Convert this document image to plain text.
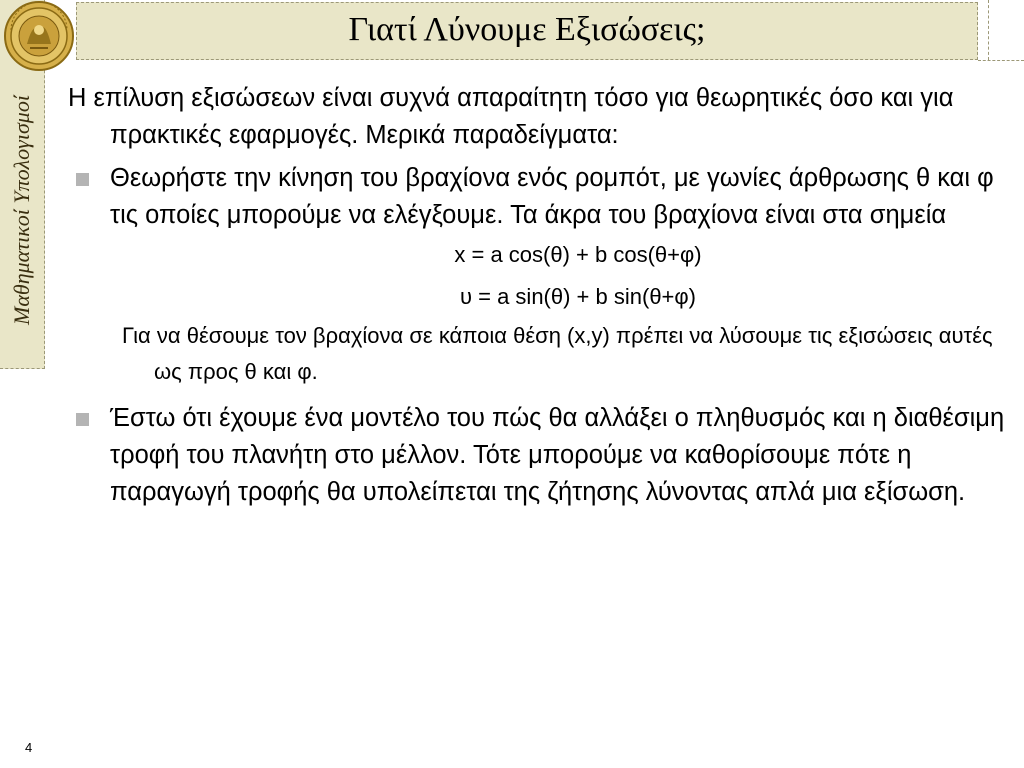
Μαθηματικοί Υπολογισμοί
Γιατί Λύνουμε Εξισώσεις;

Η επίλυση εξισώσεων είναι συχνά απαραίτητη τόσο για θεωρητικές όσο και για πρακτικές εφαρμογές. Μερικά παραδείγματα:

Θεωρήστε την κίνηση του βραχίονα ενός ρομπότ, με γωνίες άρθρωσης θ και φ τις οποίες μπορούμε να ελέγξουμε. Τα άκρα του βραχίονα είναι στα σημεία

x = a cos(θ) + b cos(θ+φ)

υ = a sin(θ) + b sin(θ+φ)

Για να θέσουμε τον βραχίονα σε κάποια θέση (x,y) πρέπει να λύσουμε τις εξισώσεις αυτές ως προς θ και φ.

Έστω ότι έχουμε ένα μοντέλο του πώς θα αλλάξει ο πληθυσμός και η διαθέσιμη τροφή του πλανήτη στο μέλλον. Τότε μπορούμε να καθορίσουμε πότε η παραγωγή τροφής θα υπολείπεται της ζήτησης λύνοντας απλά μια εξίσωση.
4
